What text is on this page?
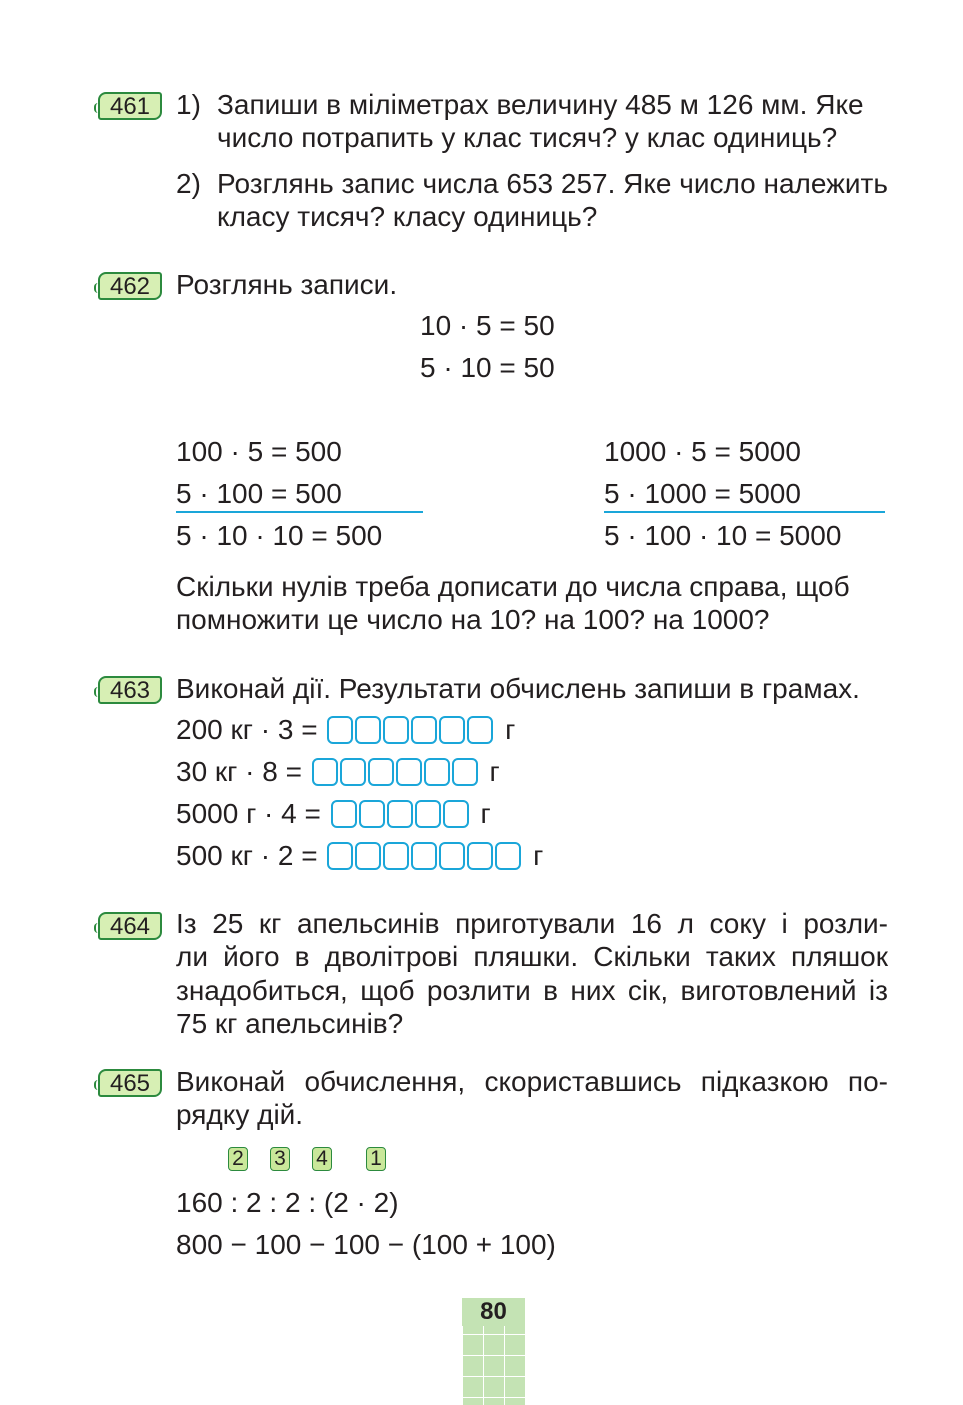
461 1) Запиши в міліметрах величину 485 м 126 мм. Яке
число потрапить у клас тисяч? у клас одиниць?
2) Розглянь запис числа 653 257. Яке число належить
класу тисяч? класу одиниць?
462 Розглянь записи.
10 · 5 = 50
5 · 10 = 50
100 · 5 = 500
5 · 100 = 500
5 · 10 · 10 = 500
1000 · 5 = 5000
5 · 1000 = 5000
5 · 100 · 10 = 5000
Скільки нулів треба дописати до числа справа, щоб
помножити це число на 10? на 100? на 1000?
463 Виконай дії. Результати обчислень запиши в грамах.
200 кг · 3 =	г
30 кг · 8 =	г
5000 г · 4 =	г
500 кг · 2 =	г
464 Із 25 кг апельсинів приготували 16 л соку і розли-
ли його в дволітрові пляшки. Скільки таких пляшок
знадобиться, щоб розлити в них сік, виготовлений із
75 кг апельсинів?
465 Виконай обчислення, скориставшись підказкою по-
рядку дій.
2 3 4 1
160 : 2 : 2 : (2 · 2)
800 − 100 − 100 − (100 + 100)
80
